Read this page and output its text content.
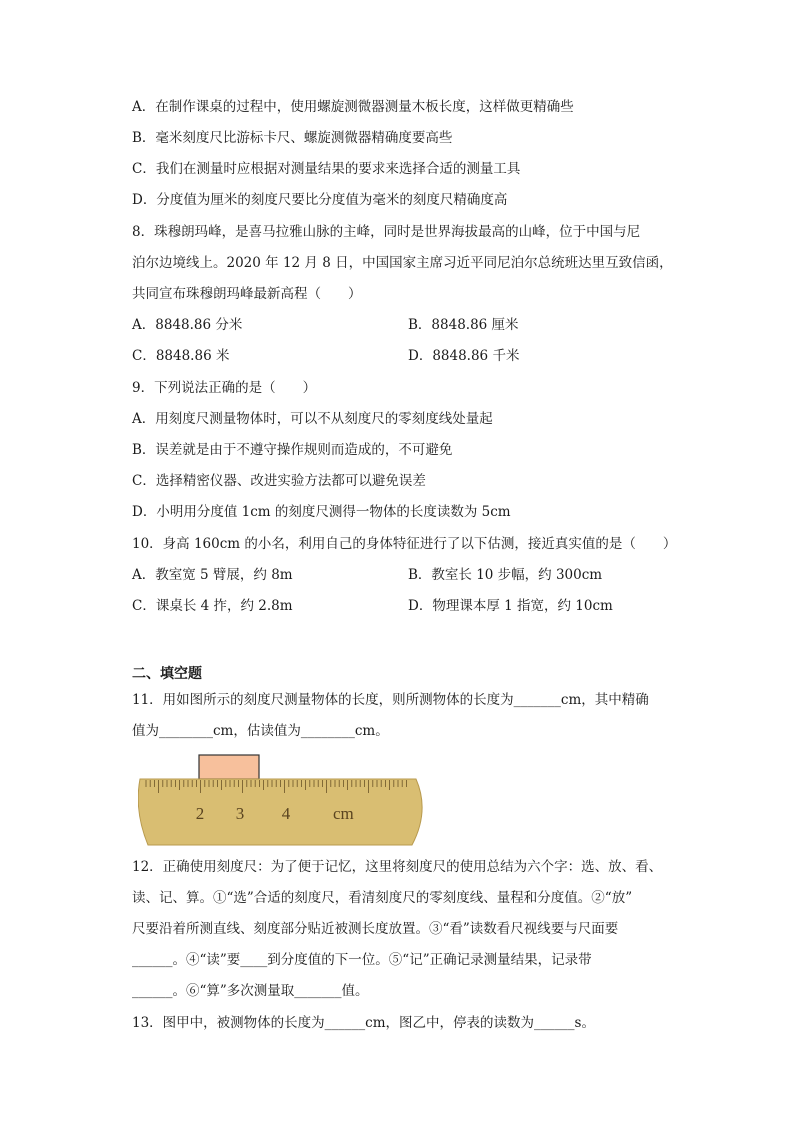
A．在制作课桌的过程中，使用螺旋测微器测量木板长度，这样做更精确些
B．毫米刻度尺比游标卡尺、螺旋测微器精确度要高些
C．我们在测量时应根据对测量结果的要求来选择合适的测量工具
D．分度值为厘米的刻度尺要比分度值为毫米的刻度尺精确度高
8．珠穆朗玛峰，是喜马拉雅山脉的主峰，同时是世界海拔最高的山峰，位于中国与尼
泊尔边境线上。2020 年 12 月 8 日，中国国家主席习近平同尼泊尔总统班达里互致信函，
共同宣布珠穆朗玛峰最新高程（　　）
A．8848.86 分米	B．8848.86 厘米
C．8848.86 米	D．8848.86 千米
9．下列说法正确的是（　　）
A．用刻度尺测量物体时，可以不从刻度尺的零刻度线处量起
B．误差就是由于不遵守操作规则而造成的，不可避免
C．选择精密仪器、改进实验方法都可以避免误差
D．小明用分度值 1cm 的刻度尺测得一物体的长度读数为 5cm
10．身高 160cm 的小名，利用自己的身体特征进行了以下估测，接近真实值的是（　　）
A．教室宽 5 臂展，约 8m	B．教室长 10 步幅，约 300cm
C．课桌长 4 拃，约 2.8m	D．物理课本厚 1 指宽，约 10cm
二、填空题
11．用如图所示的刻度尺测量物体的长度，则所测物体的长度为_______cm，其中精确
值为________cm，估读值为________cm。
2 3 4	cm
12．正确使用刻度尺：为了便于记忆，这里将刻度尺的使用总结为六个字：选、放、看、
读、记、算。①“选”合适的刻度尺，看清刻度尺的零刻度线、量程和分度值。②“放”
尺要沿着所测直线、刻度部分贴近被测长度放置。③“看”读数看尺视线要与尺面要
______。④“读”要____到分度值的下一位。⑤“记”正确记录测量结果，记录带
______。⑥“算”多次测量取_______值。
13．图甲中，被测物体的长度为______cm，图乙中，停表的读数为______s。
